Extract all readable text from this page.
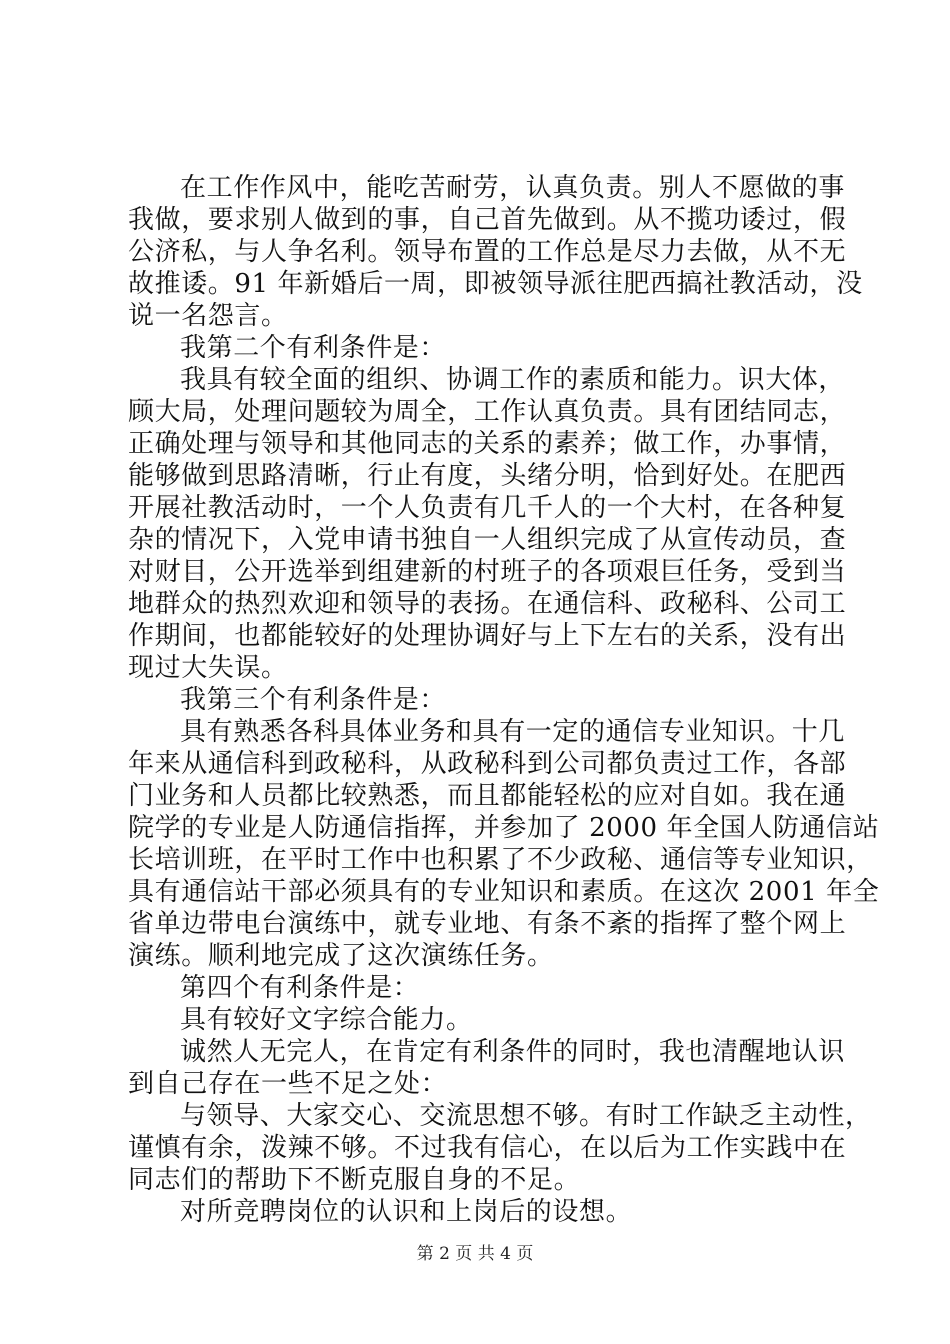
在工作作风中，能吃苦耐劳，认真负责。别人不愿做的事
我做，要求别人做到的事，自己首先做到。从不揽功诿过，假
公济私，与人争名利。领导布置的工作总是尽力去做，从不无
故推诿。91 年新婚后一周，即被领导派往肥西搞社教活动，没
说一名怨言。
我第二个有利条件是：
我具有较全面的组织、协调工作的素质和能力。识大体，
顾大局，处理问题较为周全，工作认真负责。具有团结同志，
正确处理与领导和其他同志的关系的素养；做工作，办事情，
能够做到思路清晰，行止有度，头绪分明，恰到好处。在肥西
开展社教活动时，一个人负责有几千人的一个大村，在各种复
杂的情况下，入党申请书独自一人组织完成了从宣传动员，查
对财目，公开选举到组建新的村班子的各项艰巨任务，受到当
地群众的热烈欢迎和领导的表扬。在通信科、政秘科、公司工
作期间，也都能较好的处理协调好与上下左右的关系，没有出
现过大失误。
我第三个有利条件是：
具有熟悉各科具体业务和具有一定的通信专业知识。十几
年来从通信科到政秘科，从政秘科到公司都负责过工作，各部
门业务和人员都比较熟悉，而且都能轻松的应对自如。我在通
院学的专业是人防通信指挥，并参加了 2000 年全国人防通信站
长培训班，在平时工作中也积累了不少政秘、通信等专业知识，
具有通信站干部必须具有的专业知识和素质。在这次 2001 年全
省单边带电台演练中，就专业地、有条不紊的指挥了整个网上
演练。顺利地完成了这次演练任务。
第四个有利条件是：
具有较好文字综合能力。
诚然人无完人，在肯定有利条件的同时，我也清醒地认识
到自己存在一些不足之处：
与领导、大家交心、交流思想不够。有时工作缺乏主动性，
谨慎有余，泼辣不够。不过我有信心，在以后为工作实践中在
同志们的帮助下不断克服自身的不足。
对所竞聘岗位的认识和上岗后的设想。
第 2 页 共 4 页
